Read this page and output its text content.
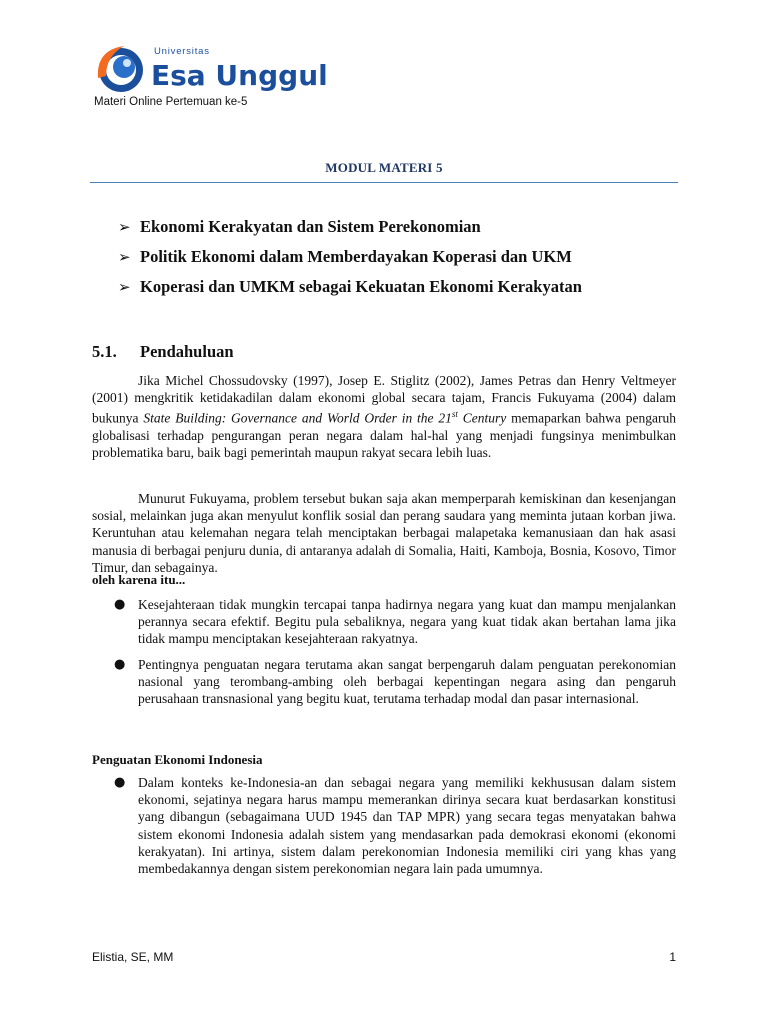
Universitas
Esa Unggul
Materi Online Pertemuan ke-5
MODUL MATERI 5
➢ Ekonomi Kerakyatan dan Sistem Perekonomian
➢ Politik Ekonomi dalam Memberdayakan Koperasi dan UKM
➢ Koperasi dan UMKM sebagai Kekuatan Ekonomi Kerakyatan
5.1. Pendahuluan

Jika Michel Chossudovsky (1997), Josep E. Stiglitz (2002), James Petras dan Henry Veltmeyer (2001) mengkritik ketidakadilan dalam ekonomi global secara tajam, Francis Fukuyama (2004) dalam bukunya State Building: Governance and World Order in the 21st Century memaparkan bahwa pengaruh globalisasi terhadap pengurangan peran negara dalam hal-hal yang menjadi fungsinya menimbulkan problematika baru, baik bagi pemerintah maupun rakyat secara lebih luas.

Munurut Fukuyama, problem tersebut bukan saja akan memperparah kemiskinan dan kesenjangan sosial, melainkan juga akan menyulut konflik sosial dan perang saudara yang meminta jutaan korban jiwa. Keruntuhan atau kelemahan negara telah menciptakan berbagai malapetaka kemanusiaan dan hak asasi manusia di berbagai penjuru dunia, di antaranya adalah di Somalia, Haiti, Kamboja, Bosnia, Kosovo, Timor Timur, dan sebagainya.

oleh karena itu...
● Kesejahteraan tidak mungkin tercapai tanpa hadirnya negara yang kuat dan mampu menjalankan perannya secara efektif. Begitu pula sebaliknya, negara yang kuat tidak akan bertahan lama jika tidak mampu menciptakan kesejahteraan rakyatnya.
● Pentingnya penguatan negara terutama akan sangat berpengaruh dalam penguatan perekonomian nasional yang terombang-ambing oleh berbagai kepentingan negara asing dan pengaruh perusahaan transnasional yang begitu kuat, terutama terhadap modal dan pasar internasional.
Penguatan Ekonomi Indonesia
● Dalam konteks ke-Indonesia-an dan sebagai negara yang memiliki kekhususan dalam sistem ekonomi, sejatinya negara harus mampu memerankan dirinya secara kuat berdasarkan konstitusi yang dibangun (sebagaimana UUD 1945 dan TAP MPR) yang secara tegas menyatakan bahwa sistem ekonomi Indonesia adalah sistem yang mendasarkan pada demokrasi ekonomi (ekonomi kerakyatan). Ini artinya, sistem dalam perekonomian Indonesia memiliki ciri yang khas yang membedakannya dengan sistem perekonomian negara lain pada umumnya.
Elistia, SE, MM	1
